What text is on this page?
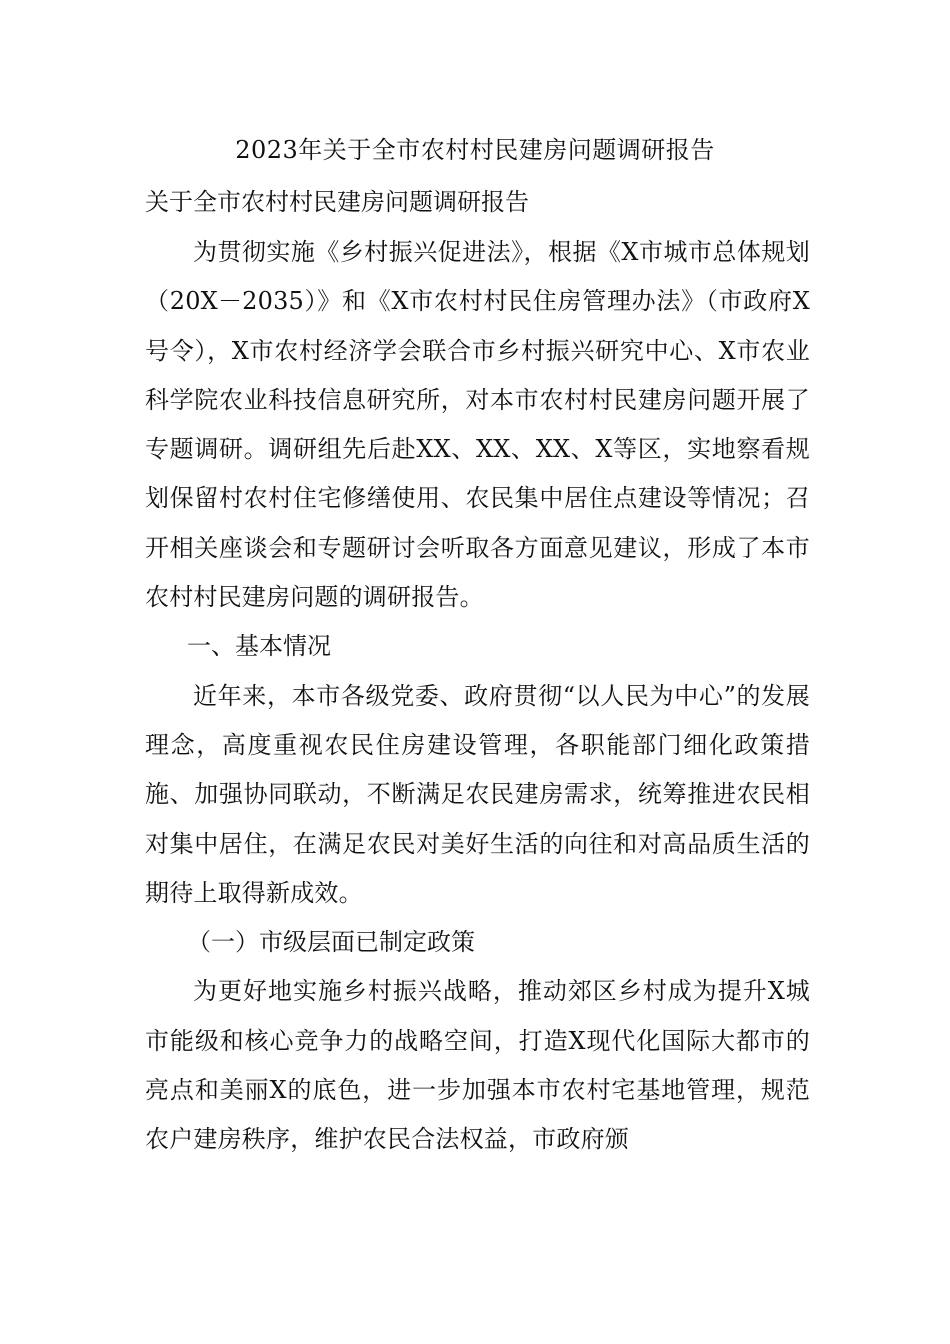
2023年关于全市农村村民建房问题调研报告

关于全市农村村民建房问题调研报告

为贯彻实施《乡村振兴促进法》，根据《X市城市总体规划（20X－2035）》和《X市农村村民住房管理办法》（市政府X号令），X市农村经济学会联合市乡村振兴研究中心、X市农业科学院农业科技信息研究所，对本市农村村民建房问题开展了专题调研。调研组先后赴XX、XX、XX、X等区，实地察看规划保留村农村住宅修缮使用、农民集中居住点建设等情况；召开相关座谈会和专题研讨会听取各方面意见建议，形成了本市农村村民建房问题的调研报告。

一、基本情况

近年来，本市各级党委、政府贯彻“以人民为中心”的发展理念，高度重视农民住房建设管理，各职能部门细化政策措施、加强协同联动，不断满足农民建房需求，统筹推进农民相对集中居住，在满足农民对美好生活的向往和对高品质生活的期待上取得新成效。

（一）市级层面已制定政策

为更好地实施乡村振兴战略，推动郊区乡村成为提升X城市能级和核心竞争力的战略空间，打造X现代化国际大都市的亮点和美丽X的底色，进一步加强本市农村宅基地管理，规范农户建房秩序，维护农民合法权益，市政府颁
